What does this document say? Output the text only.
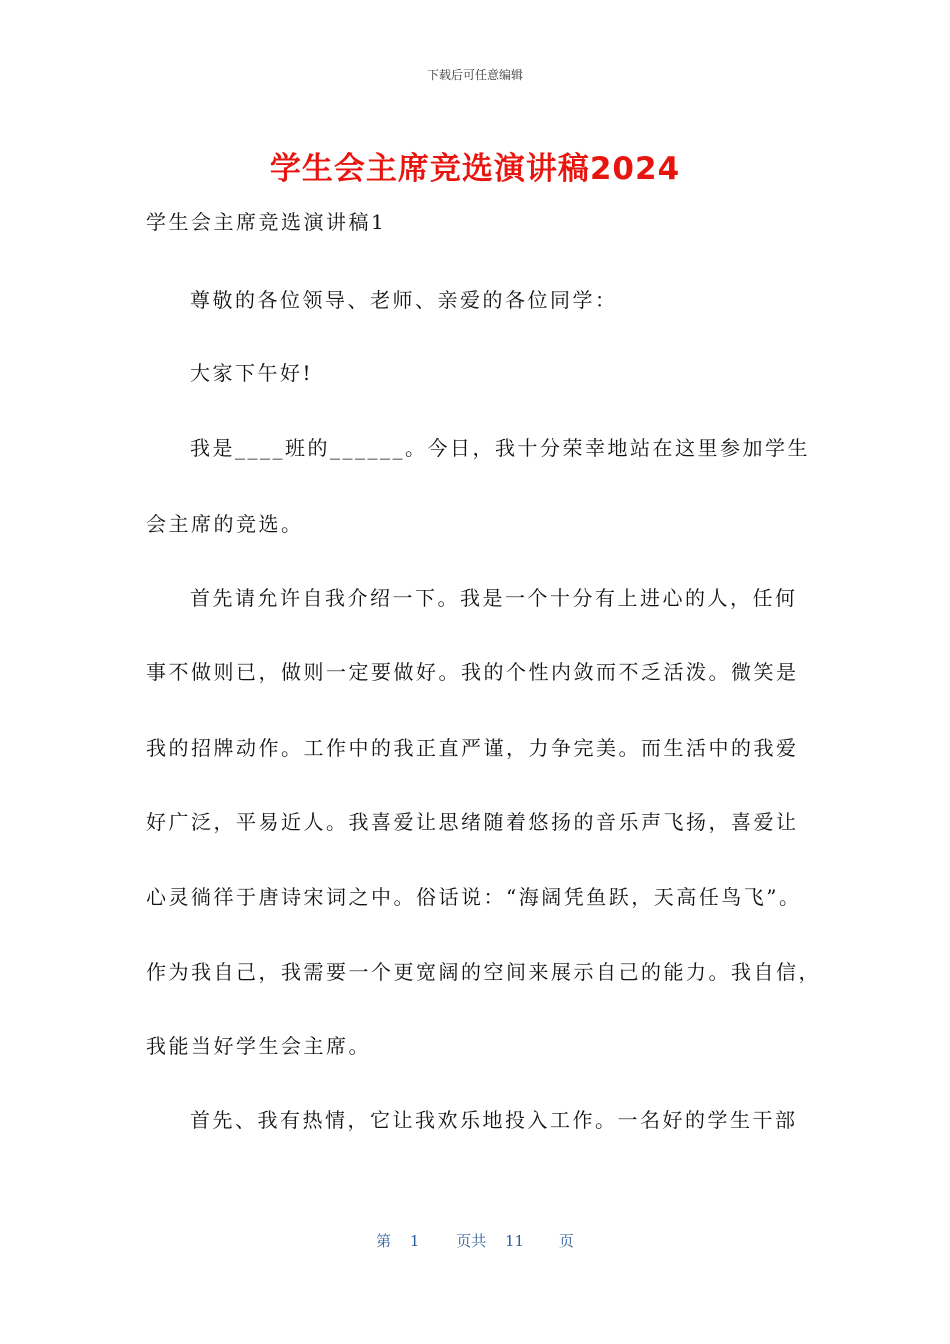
下载后可任意编辑
学生会主席竞选演讲稿2024
学生会主席竞选演讲稿1
尊敬的各位领导、老师、亲爱的各位同学：
大家下午好!
我是____班的______。今日，我十分荣幸地站在这里参加学生
会主席的竞选。
首先请允许自我介绍一下。我是一个十分有上进心的人，任何
事不做则已，做则一定要做好。我的个性内敛而不乏活泼。微笑是
我的招牌动作。工作中的我正直严谨，力争完美。而生活中的我爱
好广泛，平易近人。我喜爱让思绪随着悠扬的音乐声飞扬，喜爱让
心灵徜徉于唐诗宋词之中。俗话说：“海阔凭鱼跃，天高任鸟飞”。
作为我自己，我需要一个更宽阔的空间来展示自己的能力。我自信，
我能当好学生会主席。
首先、我有热情，它让我欢乐地投入工作。一名好的学生干部
第 1 页共 11 页
